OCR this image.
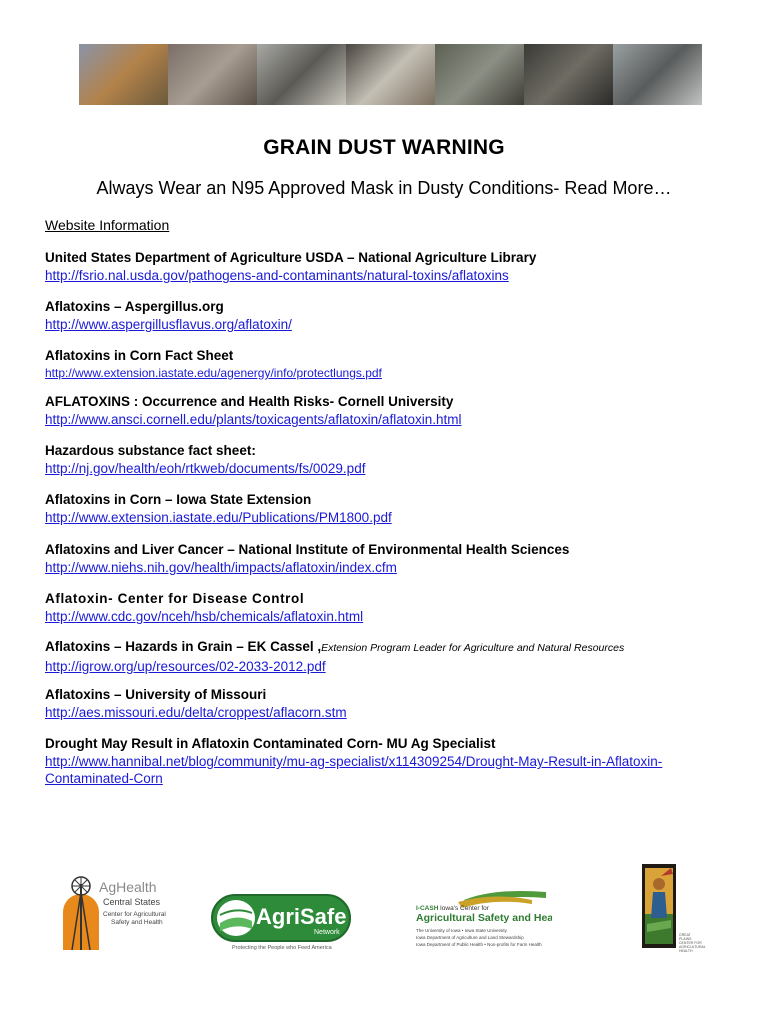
GRAIN DUST WARNING
Always Wear an N95 Approved Mask in Dusty Conditions- Read More…
Website Information
United States Department of Agriculture USDA – National Agriculture Library
http://fsrio.nal.usda.gov/pathogens-and-contaminants/natural-toxins/aflatoxins
Aflatoxins – Aspergillus.org
http://www.aspergillusflavus.org/aflatoxin/
Aflatoxins in Corn Fact Sheet
http://www.extension.iastate.edu/agenergy/info/protectlungs.pdf
AFLATOXINS : Occurrence and Health Risks- Cornell University
http://www.ansci.cornell.edu/plants/toxicagents/aflatoxin/aflatoxin.html
Hazardous substance fact sheet:
http://nj.gov/health/eoh/rtkweb/documents/fs/0029.pdf
Aflatoxins in Corn – Iowa State Extension
http://www.extension.iastate.edu/Publications/PM1800.pdf
Aflatoxins and Liver Cancer – National Institute of Environmental Health Sciences
http://www.niehs.nih.gov/health/impacts/aflatoxin/index.cfm
Aflatoxin- Center for Disease Control
http://www.cdc.gov/nceh/hsb/chemicals/aflatoxin.html
Aflatoxins – Hazards in Grain – EK Cassel ,Extension Program Leader for Agriculture and Natural Resources
http://igrow.org/up/resources/02-2033-2012.pdf
Aflatoxins – University of Missouri
http://aes.missouri.edu/delta/croppest/aflacorn.stm
Drought May Result in Aflatoxin Contaminated Corn- MU Ag Specialist
http://www.hannibal.net/blog/community/mu-ag-specialist/x114309254/Drought-May-Result-in-Aflatoxin-
Contaminated-Corn
AgHealth
Central States
Center for Agricultural
Safety and Health	AgriSafe
Network
Protecting the People who Feed America
I-CASH Iowa's Center for
Agricultural Safety and Health
The University of Iowa • Iowa State University
Iowa Department of Agriculture and Land Stewardship
Iowa Department of Public Health • Non-profits for Farm Health
GREAT
PLAINS
CENTER FOR
AGRICULTURAL
HEALTH
